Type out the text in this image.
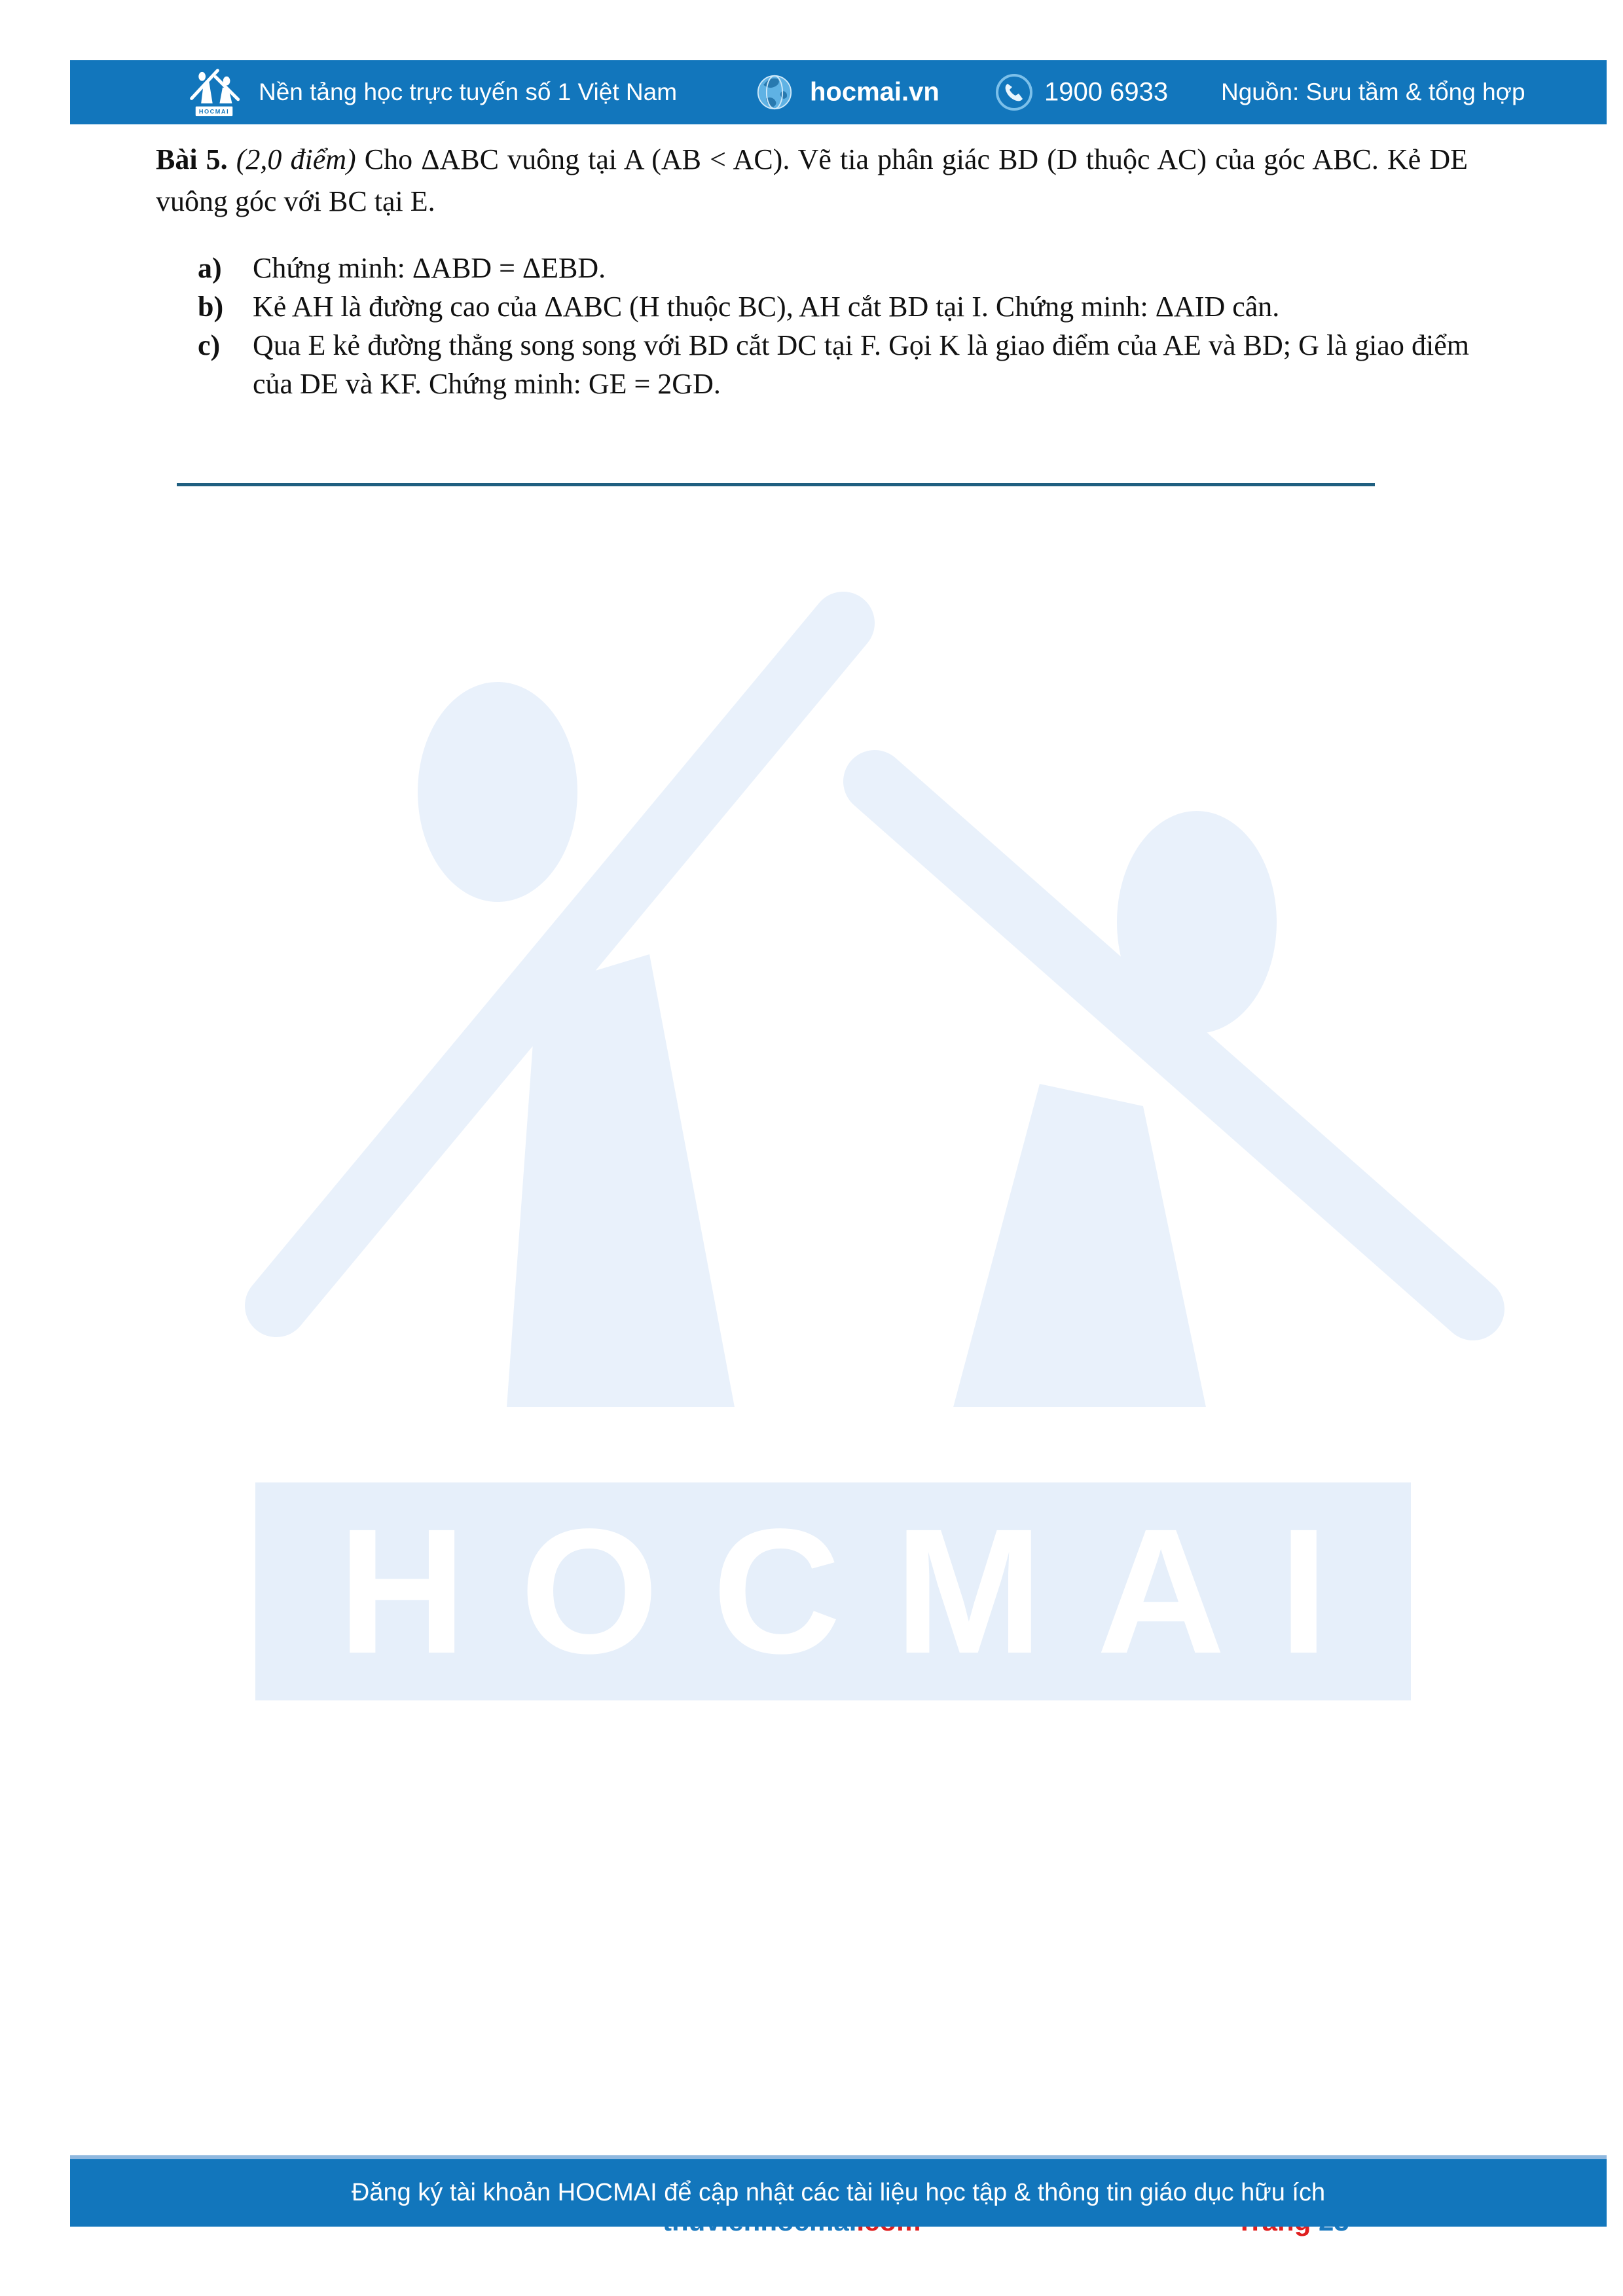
HOCMAI
Nền tảng học trực tuyến số 1 Việt Nam	hocmai.vn	1900 6933 Nguồn: Sưu tầm & tổng hợp
Bài 5. (2,0 điểm) Cho ΔABC vuông tại A (AB < AC). Vẽ tia phân giác BD (D thuộc AC) của góc ABC. Kẻ DE vuông góc với BC tại E.
a)	Chứng minh: ΔABD = ΔEBD.
b)	Kẻ AH là đường cao của ΔABC (H thuộc BC), AH cắt BD tại I. Chứng minh: ΔAID cân.
c)	Qua E kẻ đường thẳng song song với BD cắt DC tại F. Gọi K là giao điểm của AE và BD; G là giao điểm của DE và KF. Chứng minh: GE = 2GD.
HOCMAI
Đăng ký tài khoản HOCMAI để cập nhật các tài liệu học tập & thông tin giáo dục hữu ích
